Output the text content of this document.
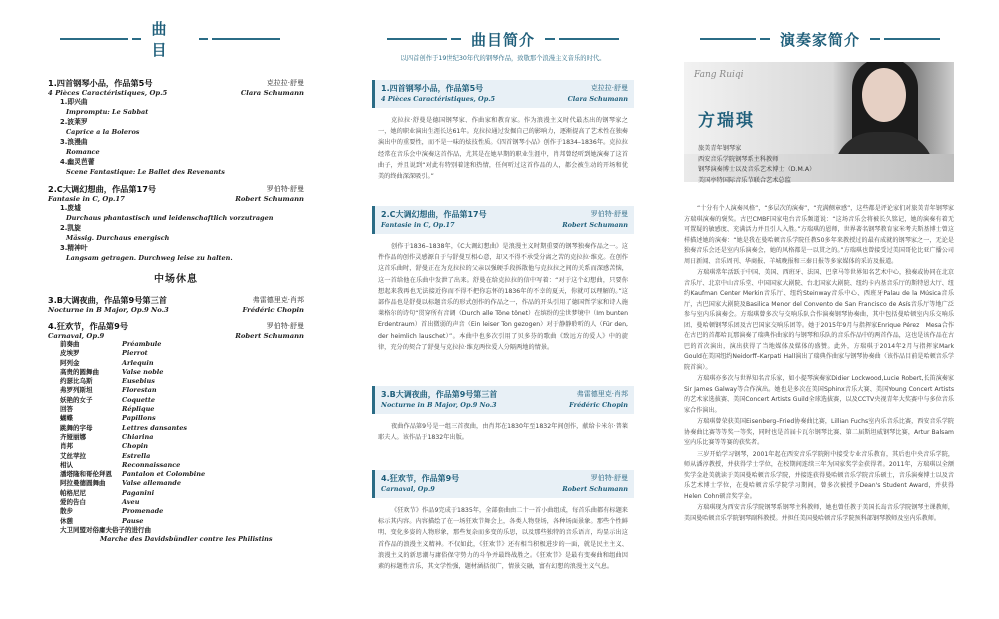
曲 目
曲目简介	演奏家简介
以四首创作于19世纪30年代的钢琴作品，致敬那个浪漫主义音乐的时代。
1.四首钢琴小品，作品第5号	克拉拉·舒曼
4 Pièces Caractéristiques, Op.5	Clara Schumann
1.即兴曲
Impromptu: Le Sabbat
2.波莱罗
Caprice a la Boleros
3.浪漫曲
Romance
4.幽灵芭蕾
Scene Fantastique: Le Ballet des Revenants
2.C大调幻想曲，作品第17号	罗伯特·舒曼
Fantasie in C, Op.17	Robert Schumann
1.废墟
Durchaus phantastisch und leidenschaftlich vorzutragen
2.凯旋
Mässig. Durchaus energisch
3.精神叶
Langsam getragen. Durchweg leise zu halten.
中场休息
3.B大调夜曲，作品第9号第三首	弗雷德里克·肖邦
Nocturne in B Major, Op.9 No.3	Frédéric Chopin
4.狂欢节，作品第9号	罗伯特·舒曼
Carnaval, Op.9	Robert Schumann
前奏曲	Préambule
皮埃罗	Pierrot
阿列金	Arlequin
高贵的圆舞曲	Valse noble
约瑟比乌斯	Eusebius
弗罗列斯坦	Florestan
妖艳的女子	Coquette
回答	Réplique
蝴蝶	Papillons
跳舞的字母	Lettres dansantes
齐娅丽娜	Chiarina
肖邦	Chopin
艾丝苹拉	Estrella
相认	Reconnaissance
潘塔隆和哥伦拜恩	Pantalon et Colombine
阿拉曼德圆舞曲	Valse allemande
帕格尼尼	Paganini
爱的告白	Aveu
散步	Promenade
休憩	Pause
大卫同盟对俗庸夫俗子的进行曲
Marche des Davidsbündler contre les Philistins
1.四首钢琴小品，作品第5号	克拉拉·舒曼
4 Pièces Caractéristiques, Op.5	Clara Schumann
克拉拉·舒曼是德国钢琴家、作曲家和教育家。作为浪漫主义时代最杰出的钢琴家之一，她的职业演出生涯长达61年。克拉拉通过发掘自己的影响力，逐渐提高了艺术性在独奏演出中的重要性，而不是一味的炫技性质。《四首钢琴小品》创作于1834–1836年。克拉拉经常在音乐会中演奏这首作品，尤其是在她早期的职业生涯中，肖邦曾经听到她演奏了这首曲子，并且说到“对此有特别着迷和热情，任何听过这首作品的人，都会被生动的开场和优美的终曲深深吸引。”
2.C大调幻想曲，作品第17号	罗伯特·舒曼
Fantasie in C, Op.17	Robert Schumann
创作于1836–1838年，《C大调幻想曲》是浪漫主义时期重要的钢琴独奏作品之一。这件作品的创作灵感源自于与舒曼互相心意，却又不得不承受分离之苦的克拉拉·维克。在创作这首乐曲时，舒曼正在为克拉拉的父亲以强硬手段拆散他与克拉拉之间的关系而深感苦恼，这一首给他在乐曲中发泄了出来。舒曼在给克拉拉的信中写着：“对于这个幻想曲，只要你想起来我再也无法接近你而不得不把你忘怀的1836年的不幸的夏天，你就可以理解的。”这部作品也是舒曼以标题音乐的形式创作的作品之一，作品的开头引用了德国哲学家和诗人施莱格尔的诗句“贯穿所有音调（Durch alle Töne tönet）在缤纷的尘世梦境中（Im bunten Erdentraum）首出微弱的声音（Ein leiser Ton gezogen）对于静静聆听的人（Für den, der heimlich lauschet）”。本曲中也多次引用了贝多芬的歌曲《致远方的爱人》中的旋律，充分的契合了舒曼与克拉拉·维克两位爱人分隔两地的情景。
3.B大调夜曲，作品第9号第三首	弗雷德里克·肖邦
Nocturne in B Major, Op.9 No.3	Frédéric Chopin
夜曲作品第9号是一组三首夜曲，由肖邦在1830年至1832年间创作，献给卡米尔·普莱耶夫人。该作品于1832年出版。
4.狂欢节，作品第9号	罗伯特·舒曼
Carnaval, Op.9	Robert Schumann
《狂欢节》作品9完成于1835年，全部套曲由二十一首小曲组成，每首乐曲都有标题来标示其内容。内容描绘了在一场狂欢节舞会上，各类人物登场，各种场面景象。那些个性鲜明、变化多姿的人物形象，那些复杂而多变的乐思，以及那些独特的音乐语言，均显示出这首作品的浪漫主义精神。不仅如此，《狂欢节》还有相当积极进步的一面，就是民主主义、浪漫主义的新思潮与庸俗保守势力的斗争并最终战胜之。《狂欢节》是最有变奏曲和组曲因素的标题性音乐，其文学性强，题材涵括很广，情景交融，富有幻想的浪漫主义气息。
Fang Ruiqi
方瑞琪
旅美青年钢琴家
西安音乐学院钢琴系主科教师
钢琴演奏博士以及音乐艺术博士（D.M.A）
美国亭特国际音乐节联合艺术总监

“十分有个人演奏风格”，“多层次的演奏”，“充满侧章感”，这些都是评论家们对旅美青年钢琴家方瑞琪演奏的褒奖。古巴CMBF国家电台音乐频道说：“这场音乐会将被长久铭记，她的演奏有着无可置疑的敏感度、充满活力并且引人入胜。”方瑞琪的恩师，世界著名钢琴教育家米考夫斯基博士曾这样描述她的演奏：“她是我在曼哈顿音乐学院任教50多年来教授过的最有成就的钢琴家之一，无论是独奏音乐会还是室内乐演奏会，她的风格都是一以贯之的。”方瑞琪也曾接受过美国哥伦比亚广播公司周日新闻、音乐周刊、华商报、羊城晚报和三秦日报等多家媒体的采访及报道。

方瑞琪常年活跃于中国、美国、西班牙、法国、巴拿马等世界知名艺术中心，独奏或协同在北京音乐厅、北京中山音乐堂、中国国家大剧院、台北国家大剧院、纽约卡内基音乐厅的斯特恩大厅、纽约Kaufman Center Merkin音乐厅、纽约Steinway音乐中心、西班牙Palau de la Música音乐厅，古巴国家大剧院及Basilica Menor del Convento de San Francisco de Asís音乐厅等地广泛参与室内乐演奏会。方瑞琪曾多次与交响乐队合作演奏钢琴协奏曲，其中包括曼哈顿室内乐交响乐团、曼哈顿钢琴乐团及古巴国家交响乐团等。她于2015年9月与指挥家Enrique Pérez　Mesa合作在古巴的首都哈瓦那演奏了瑞典作曲家的与钢琴和乐队的音乐作品中的两首作品，这也是该作品在古巴的首次演出，演出获得了当地媒体及媒体的盛赞。此外，方瑞琪于2014年2月与指挥家Mark Gould在美国纽约Neidorff–Karpati Hall演出了瑞典作曲家与钢琴协奏曲（该作品目前是哈顿音乐学院首演）。

方瑞琪亦多次与世界知名音乐家，如小提琴演奏家Didier Lockwood,Lucie Robert,长笛演奏家Sir James Galway等合作演出。她也是多次在美国Sphinx音乐大赛、美国Young Concert Artists的艺术家选拔赛、美国Concert Artists Guild全球选拔赛，以及CCTV央视青年大奖赛中与多位音乐家合作演出。

方瑞琪曾荣获美国Eisenberg–Fried协奏曲比赛，Lillian Fuchs室内乐音乐比赛，西安音乐学院协奏曲比赛等等奖一等奖，同时也是首届卡瓦尔钢琴比赛、第二届斯坦威钢琴比赛，Artur Balsam室内乐比赛等等赛的获奖者。

三岁开始学习钢琴，2001年起在西安音乐学院附中接受专业音乐教育，其后也中央音乐学院，师从潘淳教授，并获得学士学位，在校期间连续三年为国家奖学金获得者。2011年，方瑞琪以全额奖学金赴美就读于美国曼哈顿音乐学院，并接连获得曼哈顿音乐学院音乐硕士，音乐演奏博士以及音乐艺术博士学位，在曼哈顿音乐学院学习期间，曾多次被授予Dean's Student Award，并获得Helen Cohn硕音奖学金。

方瑞琪现为西安音乐学院钢琴系钢琴主科教师，她也曾任教于美国长岛音乐学院钢琴主课教师，美国曼哈顿音乐学院钢琴副科教授。并担任美国曼哈顿音乐学院预科部钢琴教师及室内乐教师。
